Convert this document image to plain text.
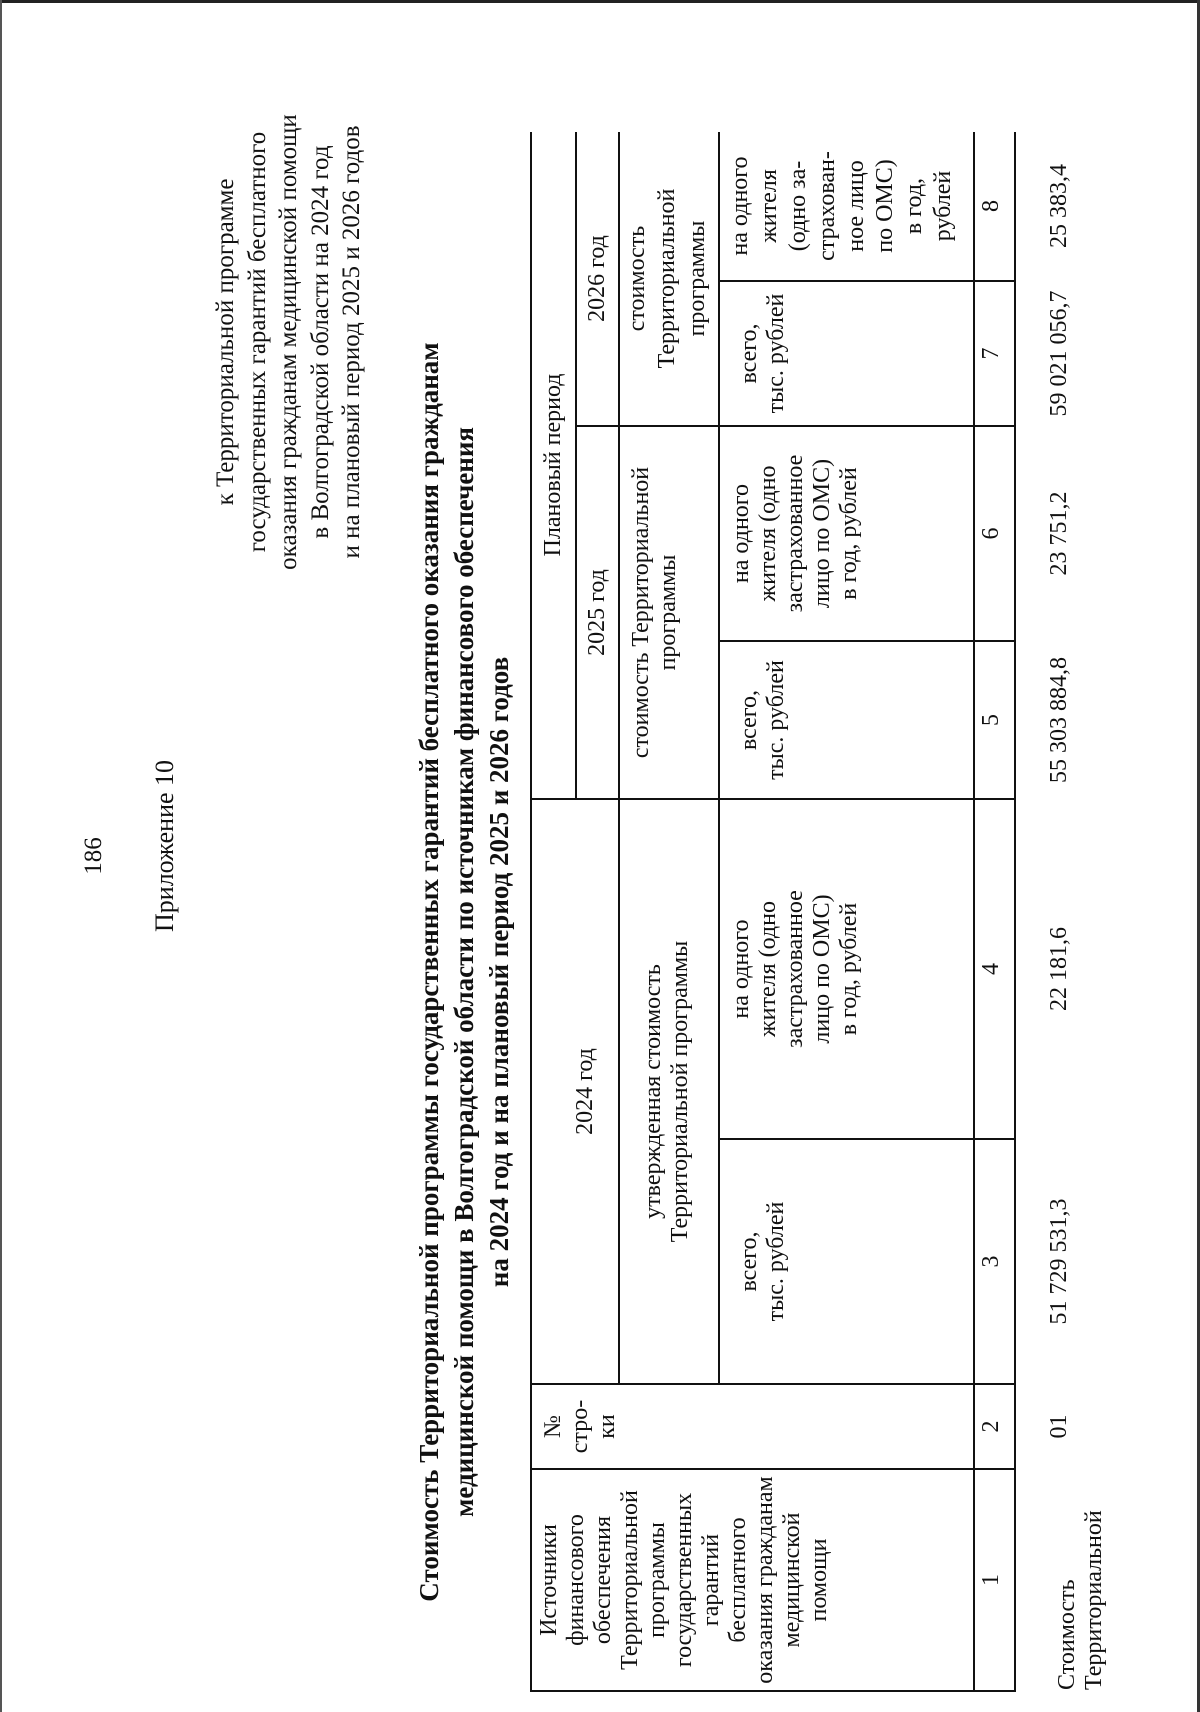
186 Приложение 10
к Территориальной программе государственных гарантий бесплатного оказания гражданам медицинской помощи в Волгоградской области на 2024 год и на плановый период 2025 и 2026 годов
Стоимость Территориальной программы государственных гарантий бесплатного оказания гражданам медицинской помощи в Волгоградской области по источникам финансового обеспечения на 2024 год и на плановый период 2025 и 2026 годов
Источники финансового обеспечения Территориальной программы государственных гарантий бесплатного оказания гражданам медицинской помощи
№ стро- ки
2024 год утвержденная стоимость Территориальной программы
Плановый период
2025 год
2026 год
стоимость Территориальной программы
стоимость Территориальной программы
всего, тыс. рублей
на одного жителя (одно застрахованное лицо по ОМС) в год, рублей
всего, тыс. рублей
на одного жителя (одно застрахованное лицо по ОМС) в год, рублей
всего, тыс. рублей
на одного жителя (одно за- страхован- ное лицо по ОМС) в год, рублей
1
2
3
4
5
6
7
8
Стоимость Территориальной
01
51 729 531,3
22 181,6
55 303 884,8
23 751,2
59 021 056,7
25 383,4
